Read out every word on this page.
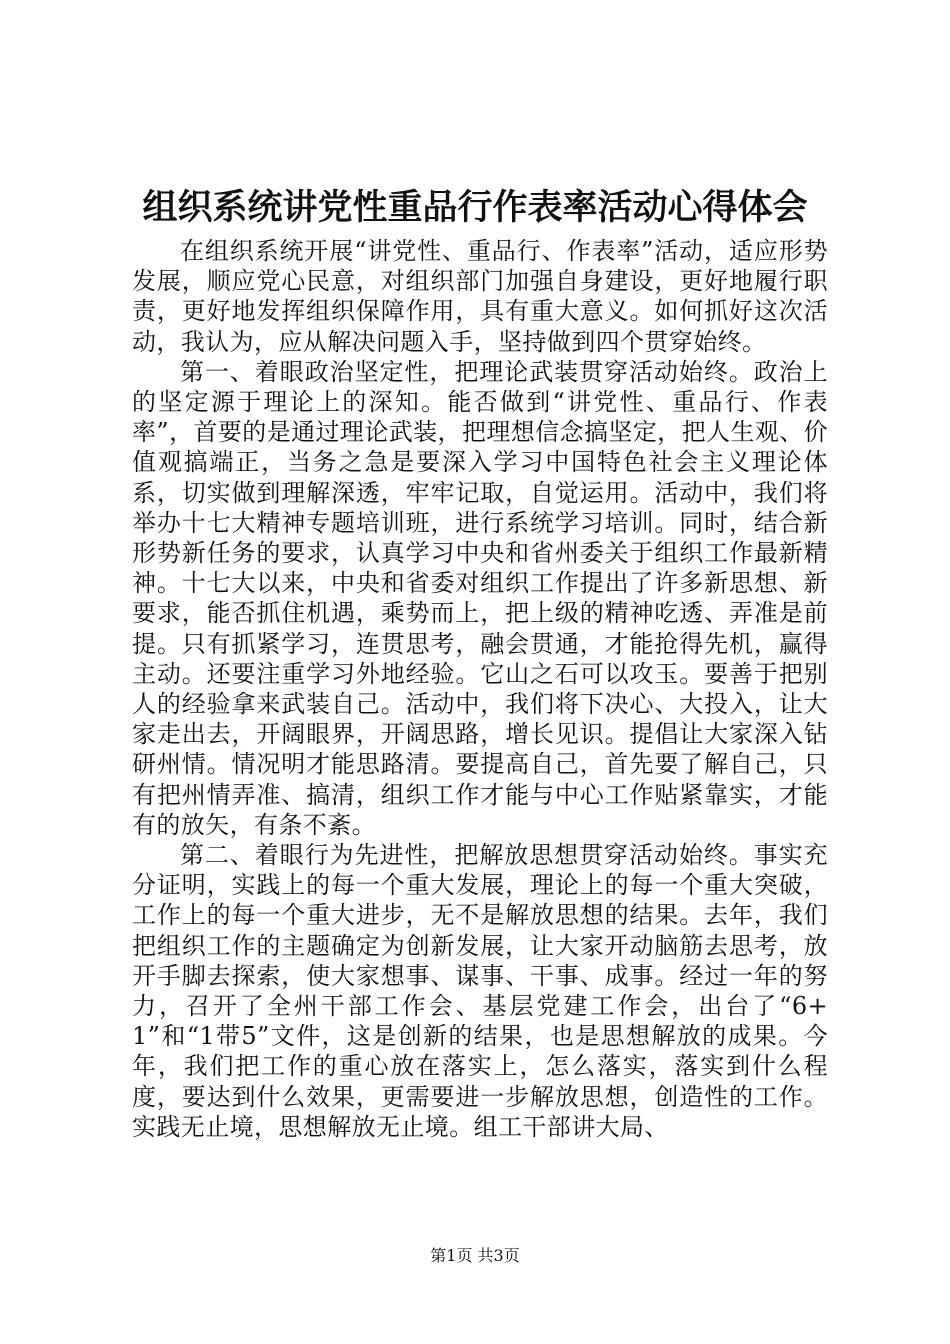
组织系统讲党性重品行作表率活动心得体会

在组织系统开展“讲党性、重品行、作表率”活动，适应形势发展，顺应党心民意，对组织部门加强自身建设，更好地履行职责，更好地发挥组织保障作用，具有重大意义。如何抓好这次活动，我认为，应从解决问题入手，坚持做到四个贯穿始终。

第一、着眼政治坚定性，把理论武装贯穿活动始终。政治上的坚定源于理论上的深知。能否做到“讲党性、重品行、作表率”，首要的是通过理论武装，把理想信念搞坚定，把人生观、价值观搞端正，当务之急是要深入学习中国特色社会主义理论体系，切实做到理解深透，牢牢记取，自觉运用。活动中，我们将举办十七大精神专题培训班，进行系统学习培训。同时，结合新形势新任务的要求，认真学习中央和省州委关于组织工作最新精神。十七大以来，中央和省委对组织工作提出了许多新思想、新要求，能否抓住机遇，乘势而上，把上级的精神吃透、弄准是前提。只有抓紧学习，连贯思考，融会贯通，才能抢得先机，赢得主动。还要注重学习外地经验。它山之石可以攻玉。要善于把别人的经验拿来武装自己。活动中，我们将下决心、大投入，让大家走出去，开阔眼界，开阔思路，增长见识。提倡让大家深入钻研州情。情况明才能思路清。要提高自己，首先要了解自己，只有把州情弄准、搞清，组织工作才能与中心工作贴紧靠实，才能有的放矢，有条不紊。

第二、着眼行为先进性，把解放思想贯穿活动始终。事实充分证明，实践上的每一个重大发展，理论上的每一个重大突破，工作上的每一个重大进步，无不是解放思想的结果。去年，我们把组织工作的主题确定为创新发展，让大家开动脑筋去思考，放开手脚去探索，使大家想事、谋事、干事、成事。经过一年的努力，召开了全州干部工作会、基层党建工作会，出台了“6+1”和“1带5”文件，这是创新的结果，也是思想解放的成果。今年，我们把工作的重心放在落实上，怎么落实，落实到什么程度，要达到什么效果，更需要进一步解放思想，创造性的工作。实践无止境，思想解放无止境。组工干部讲大局、

第1页 共3页
